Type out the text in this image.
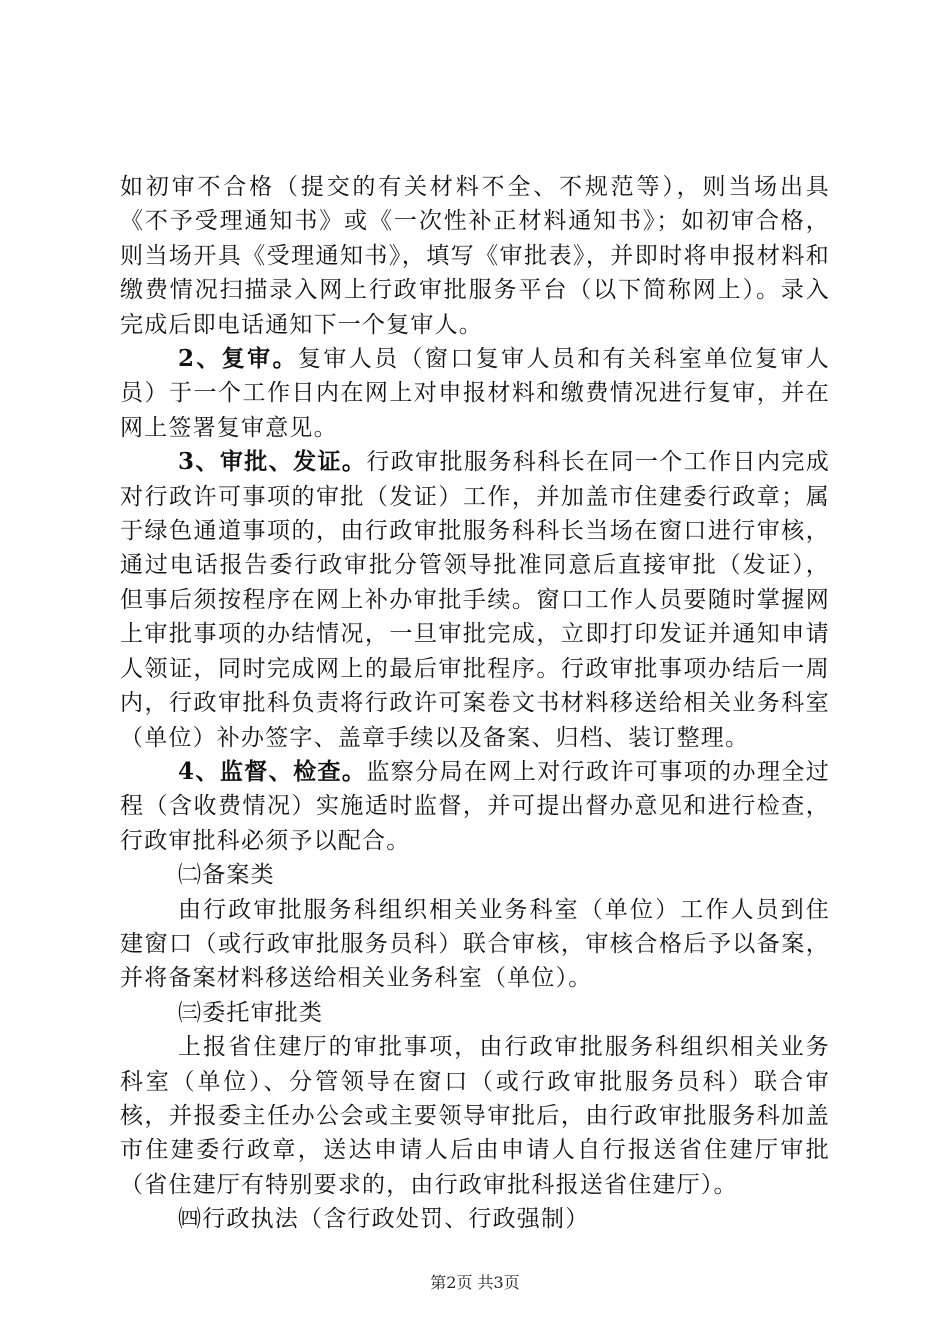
如初审不合格（提交的有关材料不全、不规范等），则当场出具《不予受理通知书》或《一次性补正材料通知书》；如初审合格，则当场开具《受理通知书》，填写《审批表》，并即时将申报材料和缴费情况扫描录入网上行政审批服务平台（以下简称网上）。录入完成后即电话通知下一个复审人。

2、复审。复审人员（窗口复审人员和有关科室单位复审人员）于一个工作日内在网上对申报材料和缴费情况进行复审，并在网上签署复审意见。

3、审批、发证。行政审批服务科科长在同一个工作日内完成对行政许可事项的审批（发证）工作，并加盖市住建委行政章；属于绿色通道事项的，由行政审批服务科科长当场在窗口进行审核，通过电话报告委行政审批分管领导批准同意后直接审批（发证），但事后须按程序在网上补办审批手续。窗口工作人员要随时掌握网上审批事项的办结情况，一旦审批完成，立即打印发证并通知申请人领证，同时完成网上的最后审批程序。行政审批事项办结后一周内，行政审批科负责将行政许可案卷文书材料移送给相关业务科室（单位）补办签字、盖章手续以及备案、归档、装订整理。

4、监督、检查。监察分局在网上对行政许可事项的办理全过程（含收费情况）实施适时监督，并可提出督办意见和进行检查，行政审批科必须予以配合。

㈡备案类

由行政审批服务科组织相关业务科室（单位）工作人员到住建窗口（或行政审批服务员科）联合审核，审核合格后予以备案，并将备案材料移送给相关业务科室（单位）。

㈢委托审批类

上报省住建厅的审批事项，由行政审批服务科组织相关业务科室（单位）、分管领导在窗口（或行政审批服务员科）联合审核，并报委主任办公会或主要领导审批后，由行政审批服务科加盖市住建委行政章，送达申请人后由申请人自行报送省住建厅审批（省住建厅有特别要求的，由行政审批科报送省住建厅）。

㈣行政执法（含行政处罚、行政强制）

第2页 共3页
